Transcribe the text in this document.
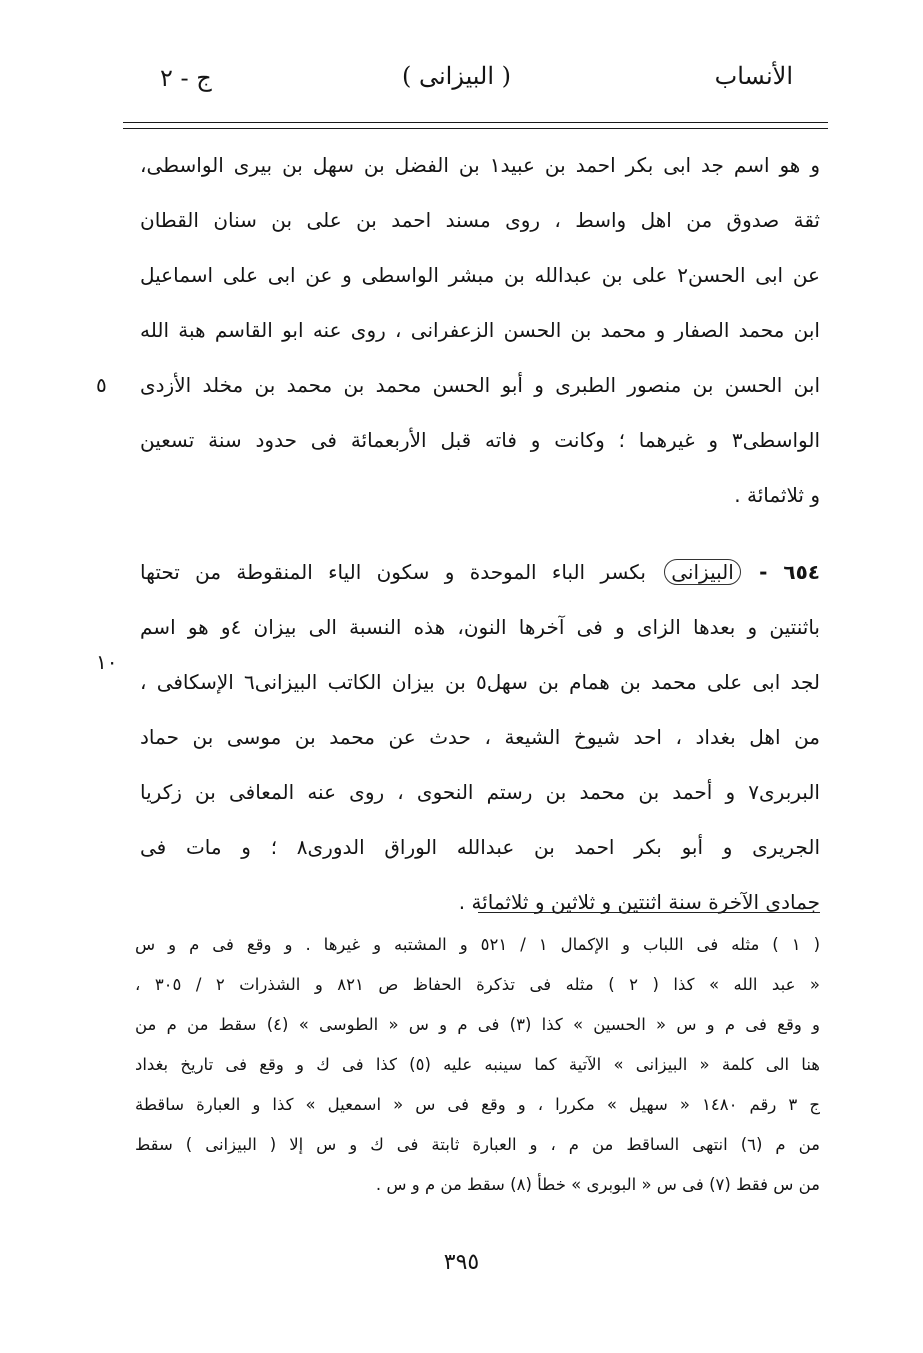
الأنساب
( البيزانى )
ج - ٢
٥
١٠
و هو اسم جد ابى بكر احمد بن عبيد١ بن الفضل بن سهل بن بيرى الواسطى،
ثقة صدوق من اهل واسط ، روى مسند احمد بن على بن سنان القطان
عن ابى الحسن٢ على بن عبدالله بن مبشر الواسطى و عن ابى على اسماعيل
ابن محمد الصفار و محمد بن الحسن الزعفرانى ، روى عنه ابو القاسم هبة الله
ابن الحسن بن منصور الطبرى و أبو الحسن محمد بن محمد بن مخلد الأزدى
الواسطى٣ و غيرهما ؛ وكانت و فاته قبل الأربعمائة فى حدود سنة تسعين
و ثلاثمائة .
٦٥٤ - البيزانى بكسر الباء الموحدة و سكون الياء المنقوطة من تحتها
باثنتين و بعدها الزاى و فى آخرها النون، هذه النسبة الى بيزان ٤و هو اسم
لجد ابى على محمد بن همام بن سهل٥ بن بيزان الكاتب البيزانى٦ الإسكافى ،
من اهل بغداد ، احد شيوخ الشيعة ، حدث عن محمد بن موسى بن حماد
البربرى٧ و أحمد بن محمد بن رستم النحوى ، روى عنه المعافى بن زكريا
الجريرى و أبو بكر احمد بن عبدالله الوراق الدورى٨ ؛ و مات فى
جمادى الآخرة سنة اثنتين و ثلاثين و ثلاثمائة .
( ١ ) مثله فى اللباب و الإكمال ١ / ٥٢١ و المشتبه و غيرها . و وقع فى م و س
« عبد الله » كذا ( ٢ ) مثله فى تذكرة الحفاظ ص ٨٢١ و الشذرات ٢ / ٣٠٥ ،
و وقع فى م و س « الحسين » كذا (٣) فى م و س « الطوسى » (٤) سقط من م من
هنا الى كلمة « البيزانى » الآتية كما سينبه عليه (٥) كذا فى ك و وقع فى تاريخ بغداد
ج ٣ رقم ١٤٨٠ « سهيل » مكررا ، و وقع فى س « اسمعيل » كذا و العبارة ساقطة
من م (٦) انتهى الساقط من م ، و العبارة ثابتة فى ك و س إلا ( البيزانى ) سقط
من س فقط (٧) فى س « البوبرى » خطأ (٨) سقط من م و س .
٣٩٥
